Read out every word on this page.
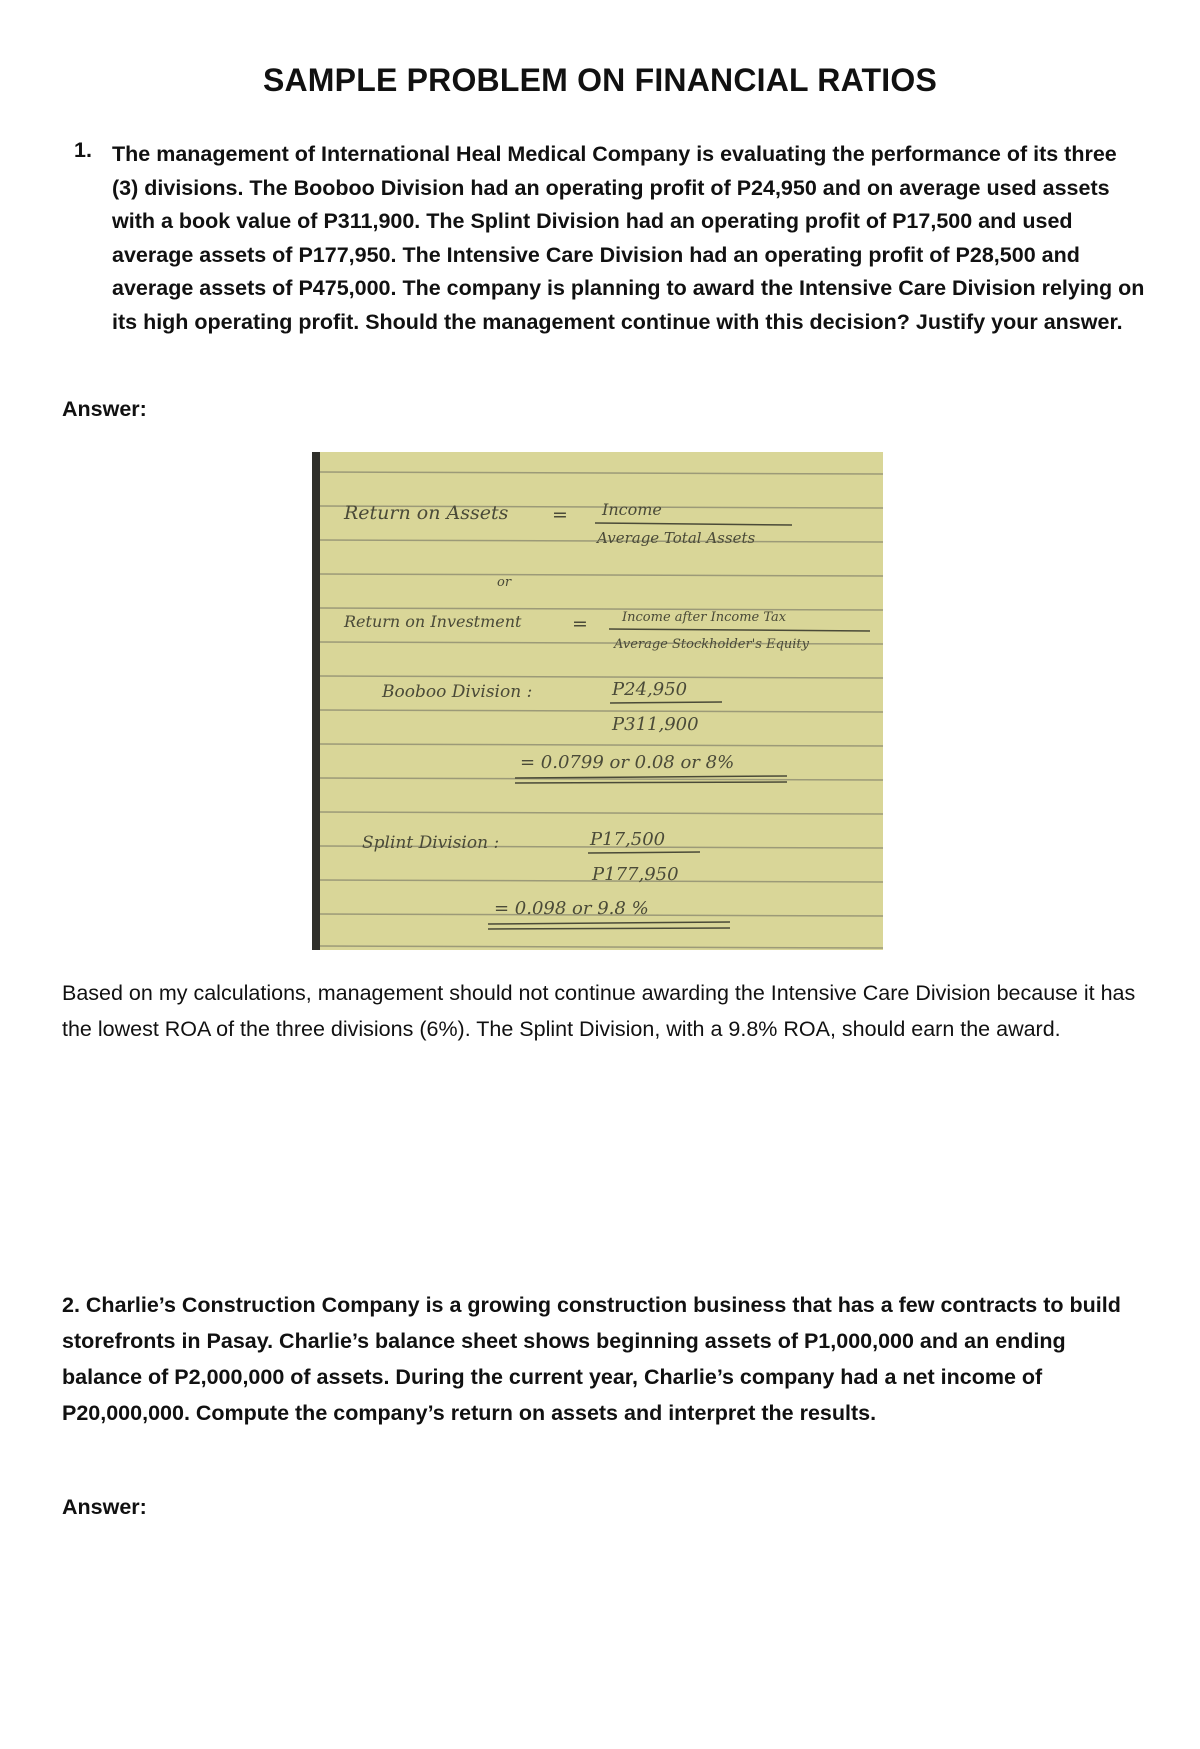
SAMPLE PROBLEM ON FINANCIAL RATIOS
1. The management of International Heal Medical Company is evaluating the performance of its three (3) divisions. The Booboo Division had an operating profit of P24,950 and on average used assets with a book value of P311,900. The Splint Division had an operating profit of P17,500 and used average assets of P177,950. The Intensive Care Division had an operating profit of P28,500 and average assets of P475,000. The company is planning to award the Intensive Care Division relying on its high operating profit. Should the management continue with this decision? Justify your answer.
Answer:
Return on Assets = Income
Average Total Assets
or
Return on Investment	=	Income after Income Tax
Average Stockholder's Equity
Booboo Division :	P24,950
P311,900
= 0.0799 or 0.08 or 8%
Splint Division :	P17,500
P177,950
= 0.098 or 9.8 %
Based on my calculations, management should not continue awarding the Intensive Care Division because it has the lowest ROA of the three divisions (6%). The Splint Division, with a 9.8% ROA, should earn the award.
2. Charlie’s Construction Company is a growing construction business that has a few contracts to build storefronts in Pasay. Charlie’s balance sheet shows beginning assets of P1,000,000 and an ending balance of P2,000,000 of assets. During the current year, Charlie’s company had a net income of P20,000,000. Compute the company’s return on assets and interpret the results.
Answer:
